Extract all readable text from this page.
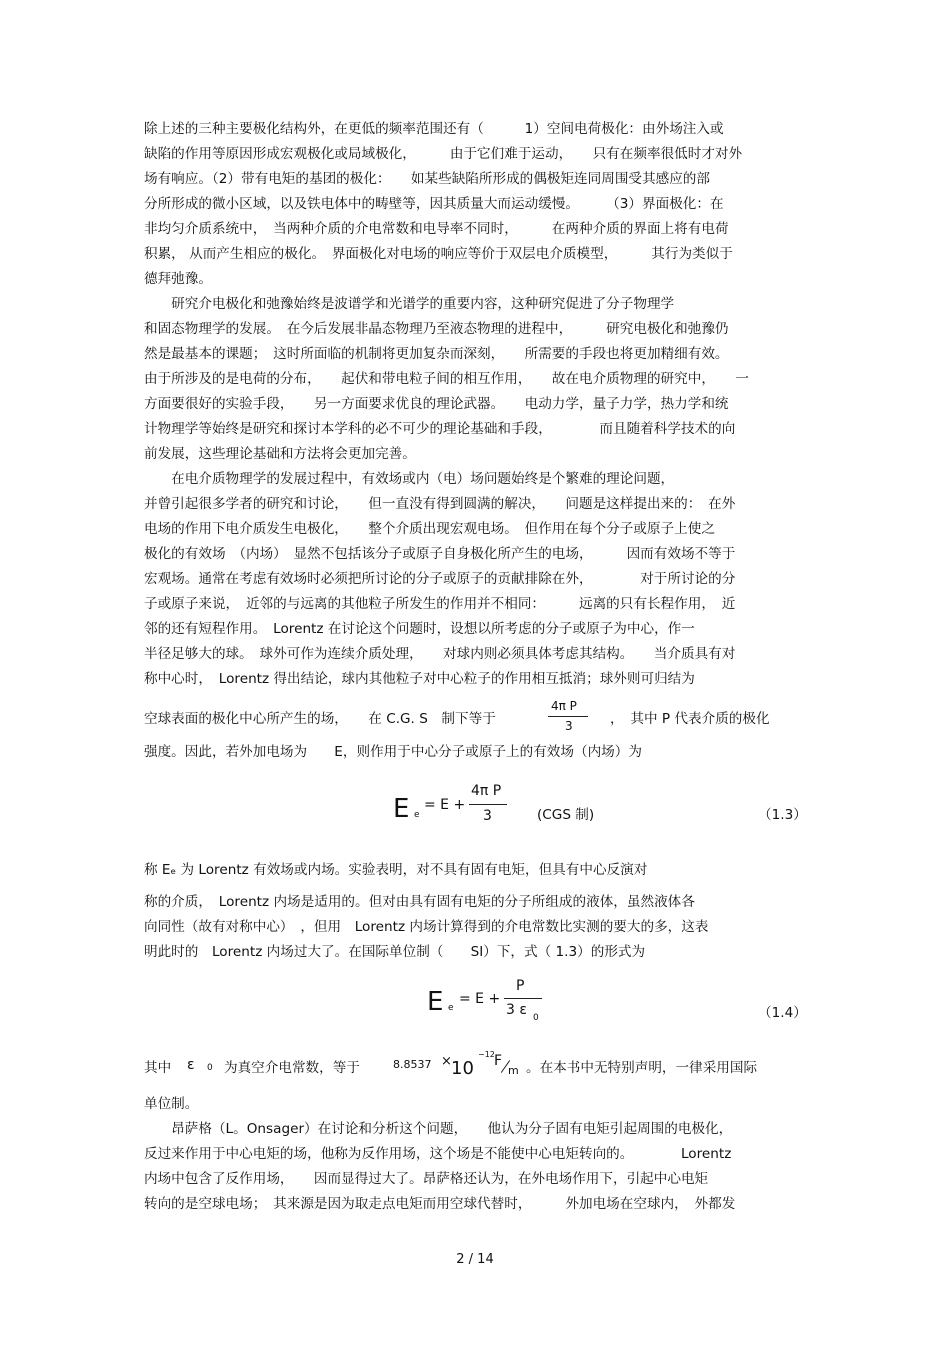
除上述的三种主要极化结构外，在更低的频率范围还有（　　　1）空间电荷极化：由外场注入或
缺陷的作用等原因形成宏观极化或局域极化，　　　由于它们难于运动，　　只有在频率很低时才对外
场有响应。（2）带有电矩的基团的极化：　　如某些缺陷所形成的偶极矩连同周围受其感应的部
分所形成的微小区域，以及铁电体中的畴壁等，因其质量大而运动缓慢。　　　（3）界面极化：在
非均匀介质系统中，　当两种介质的介电常数和电导率不同时，　　　在两种介质的界面上将有电荷
积累， 从而产生相应的极化。　界面极化对电场的响应等价于双层电介质模型，　　　其行为类似于
德拜弛豫。
　　研究介电极化和弛豫始终是波谱学和光谱学的重要内容，这种研究促进了分子物理学
和固态物理学的发展。　在今后发展非晶态物理乃至液态物理的进程中，　　　研究电极化和弛豫仍
然是最基本的课题；　这时所面临的机制将更加复杂而深刻，　　所需要的手段也将更加精细有效。
由于所涉及的是电荷的分布，　　起伏和带电粒子间的相互作用，　　故在电介质物理的研究中，　　一
方面要很好的实验手段，　　另一方面要求优良的理论武器。　　电动力学，量子力学，热力学和统
计物理学等始终是研究和探讨本学科的必不可少的理论基础和手段，　　　　而且随着科学技术的向
前发展，这些理论基础和方法将会更加完善。
　　在电介质物理学的发展过程中，有效场或内（电）场问题始终是个繁难的理论问题，
并曾引起很多学者的研究和讨论，　　但一直没有得到圆满的解决，　　问题是这样提出来的：　在外
电场的作用下电介质发生电极化，　　整个介质出现宏观电场。　但作用在每个分子或原子上使之
极化的有效场　（内场）　显然不包括该分子或原子自身极化所产生的电场，　　　因而有效场不等于
宏观场。通常在考虑有效场时必须把所讨论的分子或原子的贡献排除在外，　　　　对于所讨论的分
子或原子来说，　近邻的与远离的其他粒子所发生的作用并不相同：　　　远离的只有长程作用，　近
邻的还有短程作用。　Lorentz 在讨论这个问题时，设想以所考虑的分子或原子为中心，作一
半径足够大的球。　球外可作为连续介质处理，　　对球内则必须具体考虑其结构。　　当介质具有对
称中心时，　Lorentz 得出结论，球内其他粒子对中心粒子的作用相互抵消；球外则可归结为
空球表面的极化中心所产生的场，　　在 C.G. S　制下等于
4π P
3	，　其中 P 代表介质的极化
强度。因此，若外加电场为　　E，则作用于中心分子或原子上的有效场（内场）为
E e
= E +
4π P
3	(CGS 制)	（1.3）
称 Eₑ 为 Lorentz 有效场或内场。实验表明，对不具有固有电矩，但具有中心反演对
称的介质，　Lorentz 内场是适用的。但对由具有固有电矩的分子所组成的液体，虽然液体各
向同性（故有对称中心）　，但用　Lorentz 内场计算得到的介电常数比实测的要大的多，这表
明此时的　Lorentz 内场过大了。在国际单位制（　　SI）下，式（ 1.3）的形式为
E e
= E +
P
3 ε 0	（1.4）
其中 ε 0 为真空介电常数，等于	8.8537 × 10
−12 F
m 。在本书中无特别声明，一律采用国际
单位制。
　　昂萨格（L。Onsager）在讨论和分析这个问题，　　他认为分子固有电矩引起周围的电极化，
反过来作用于中心电矩的场，他称为反作用场，这个场是不能使中心电矩转向的。　　　　Lorentz
内场中包含了反作用场，　　因而显得过大了。昂萨格还认为，在外电场作用下，引起中心电矩
转向的是空球电场；　其来源是因为取走点电矩而用空球代替时，　　　外加电场在空球内，　外都发
2 / 14
